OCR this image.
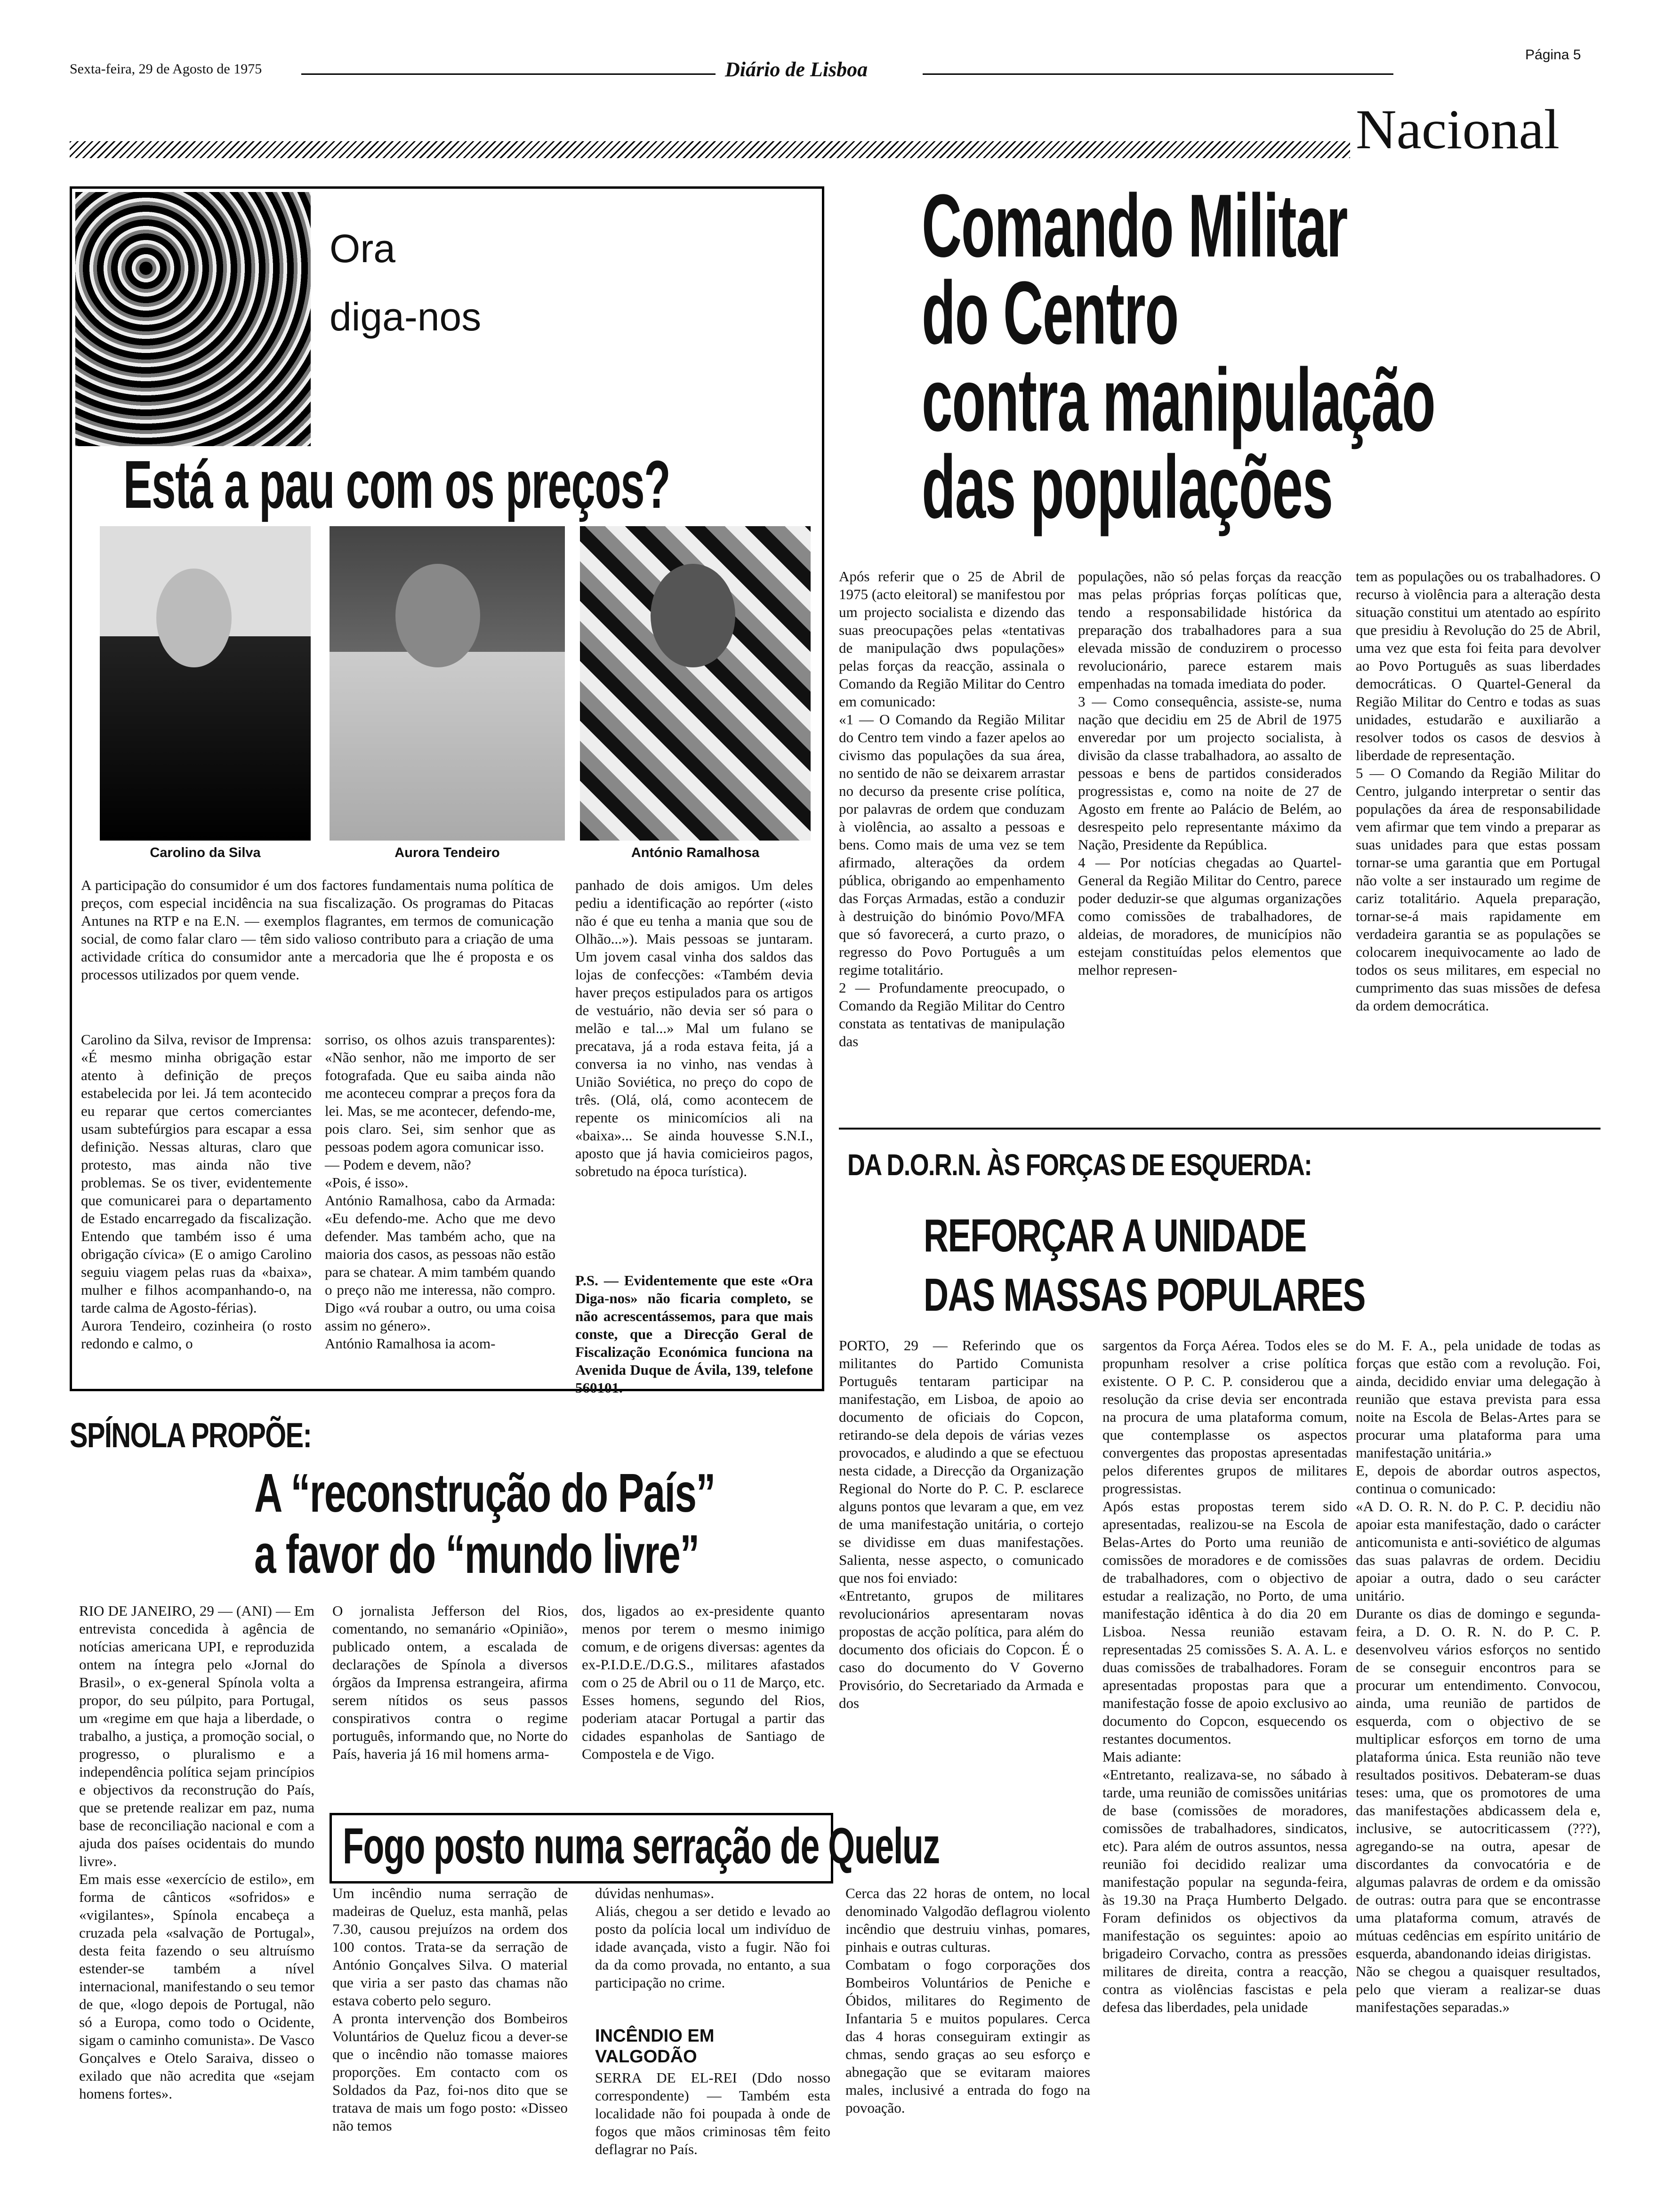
Sexta-feira, 29 de Agosto de 1975	Diário de Lisboa
Página 5
Nacional
Ora
diga-nos
Está a pau com os preços?
Carolino da Silva	Aurora Tendeiro	António Ramalhosa
A participação do consumidor é um dos factores fundamentais numa política de preços, com especial incidência na sua fiscalização. Os programas do Pitacas Antunes na RTP e na E.N. — exemplos flagrantes, em termos de comunicação social, de como falar claro — têm sido valioso contributo para a criação de uma actividade crítica do consumidor ante a mercadoria que lhe é proposta e os processos utilizados por quem vende.
Carolino da Silva, revisor de Imprensa: «É mesmo minha obrigação estar atento à definição de preços estabelecida por lei. Já tem acontecido eu reparar que certos comerciantes usam subtefúrgios para escapar a essa definição. Nessas alturas, claro que protesto, mas ainda não tive problemas. Se os tiver, evidentemente que comunicarei para o departamento de Estado encarregado da fiscalização. Entendo que também isso é uma obrigação cívica» (E o amigo Carolino seguiu viagem pelas ruas da «baixa», mulher e filhos acompanhando-o, na tarde calma de Agosto-férias).
Aurora Tendeiro, cozinheira (o rosto redondo e calmo, o
sorriso, os olhos azuis transparentes): «Não senhor, não me importo de ser fotografada. Que eu saiba ainda não me aconteceu comprar a preços fora da lei. Mas, se me acontecer, defendo-me, pois claro. Sei, sim senhor que as pessoas podem agora comunicar isso.
— Podem e devem, não?
«Pois, é isso».
António Ramalhosa, cabo da Armada: «Eu defendo-me. Acho que me devo defender. Mas também acho, que na maioria dos casos, as pessoas não estão para se chatear. A mim também quando o preço não me interessa, não compro. Digo «vá roubar a outro, ou uma coisa assim no género».
António Ramalhosa ia acom-
panhado de dois amigos. Um deles pediu a identificação ao repórter («isto não é que eu tenha a mania que sou de Olhão...»). Mais pessoas se juntaram. Um jovem casal vinha dos saldos das lojas de confecções: «Também devia haver preços estipulados para os artigos de vestuário, não devia ser só para o melão e tal...» Mal um fulano se precatava, já a roda estava feita, já a conversa ia no vinho, nas vendas à União Soviética, no preço do copo de três. (Olá, olá, como acontecem de repente os minicomícios ali na «baixa»... Se ainda houvesse S.N.I., aposto que já havia comicieiros pagos, sobretudo na época turística).
P.S. — Evidentemente que este «Ora Diga-nos» não ficaria completo, se não acrescentássemos, para que mais conste, que a Direcção Geral de Fiscalização Económica funciona na Avenida Duque de Ávila, 139, telefone 560101.
Comando Militar
do Centro
contra manipulação
das populações
Após referir que o 25 de Abril de 1975 (acto eleitoral) se manifestou por um projecto socialista e dizendo das suas preocupações pelas «tentativas de manipulação dws populações» pelas forças da reacção, assinala o Comando da Região Militar do Centro em comunicado:
«1 — O Comando da Região Militar do Centro tem vindo a fazer apelos ao civismo das populações da sua área, no sentido de não se deixarem arrastar no decurso da presente crise política, por palavras de ordem que conduzam à violência, ao assalto a pessoas e bens. Como mais de uma vez se tem afirmado, alterações da ordem pública, obrigando ao empenhamento das Forças Armadas, estão a conduzir à destruição do binómio Povo/MFA que só favorecerá, a curto prazo, o regresso do Povo Português a um regime totalitário.
2 — Profundamente preocupado, o Comando da Região Militar do Centro constata as tentativas de manipulação das
populações, não só pelas forças da reacção mas pelas próprias forças políticas que, tendo a responsabilidade histórica da preparação dos trabalhadores para a sua elevada missão de conduzirem o processo revolucionário, parece estarem mais empenhadas na tomada imediata do poder.
3 — Como consequência, assiste-se, numa nação que decidiu em 25 de Abril de 1975 enveredar por um projecto socialista, à divisão da classe trabalhadora, ao assalto de pessoas e bens de partidos considerados progressistas e, como na noite de 27 de Agosto em frente ao Palácio de Belém, ao desrespeito pelo representante máximo da Nação, Presidente da República.
4 — Por notícias chegadas ao Quartel-General da Região Militar do Centro, parece poder deduzir-se que algumas organizações como comissões de trabalhadores, de aldeias, de moradores, de municípios não estejam constituídas pelos elementos que melhor represen-
tem as populações ou os trabalhadores. O recurso à violência para a alteração desta situação constitui um atentado ao espírito que presidiu à Revolução do 25 de Abril, uma vez que esta foi feita para devolver ao Povo Português as suas liberdades democráticas. O Quartel-General da Região Militar do Centro e todas as suas unidades, estudarão e auxiliarão a resolver todos os casos de desvios à liberdade de representação.
5 — O Comando da Região Militar do Centro, julgando interpretar o sentir das populações da área de responsabilidade vem afirmar que tem vindo a preparar as suas unidades para que estas possam tornar-se uma garantia que em Portugal não volte a ser instaurado um regime de cariz totalitário. Aquela preparação, tornar-se-á mais rapidamente em verdadeira garantia se as populações se colocarem inequivocamente ao lado de todos os seus militares, em especial no cumprimento das suas missões de defesa da ordem democrática.
DA D.O.R.N. ÀS FORÇAS DE ESQUERDA:
REFORÇAR A UNIDADE
DAS MASSAS POPULARES
PORTO, 29 — Referindo que os militantes do Partido Comunista Português tentaram participar na manifestação, em Lisboa, de apoio ao documento de oficiais do Copcon, retirando-se dela depois de várias vezes provocados, e aludindo a que se efectuou nesta cidade, a Direcção da Organização Regional do Norte do P. C. P. esclarece alguns pontos que levaram a que, em vez de uma manifestação unitária, o cortejo se dividisse em duas manifestações. Salienta, nesse aspecto, o comunicado que nos foi enviado:
«Entretanto, grupos de militares revolucionários apresentaram novas propostas de acção política, para além do documento dos oficiais do Copcon. É o caso do documento do V Governo Provisório, do Secretariado da Armada e dos
sargentos da Força Aérea. Todos eles se propunham resolver a crise política existente. O P. C. P. considerou que a resolução da crise devia ser encontrada na procura de uma plataforma comum, que contemplasse os aspectos convergentes das propostas apresentadas pelos diferentes grupos de militares progressistas.
Após estas propostas terem sido apresentadas, realizou-se na Escola de Belas-Artes do Porto uma reunião de comissões de moradores e de comissões de trabalhadores, com o objectivo de estudar a realização, no Porto, de uma manifestação idêntica à do dia 20 em Lisboa. Nessa reunião estavam representadas 25 comissões S. A. A. L. e duas comissões de trabalhadores. Foram apresentadas propostas para que a manifestação fosse de apoio exclusivo ao documento do Copcon, esquecendo os restantes documentos.
Mais adiante:
«Entretanto, realizava-se, no sábado à tarde, uma reunião de comissões unitárias de base (comissões de moradores, comissões de trabalhadores, sindicatos, etc). Para além de outros assuntos, nessa reunião foi decidido realizar uma manifestação popular na segunda-feira, às 19.30 na Praça Humberto Delgado. Foram definidos os objectivos da manifestação os seguintes: apoio ao brigadeiro Corvacho, contra as pressões militares de direita, contra a reacção, contra as violências fascistas e pela defesa das liberdades, pela unidade
do M. F. A., pela unidade de todas as forças que estão com a revolução. Foi, ainda, decidido enviar uma delegação à reunião que estava prevista para essa noite na Escola de Belas-Artes para se procurar uma plataforma para uma manifestação unitária.»
E, depois de abordar outros aspectos, continua o comunicado:
«A D. O. R. N. do P. C. P. decidiu não apoiar esta manifestação, dado o carácter anticomunista e anti-soviético de algumas das suas palavras de ordem. Decidiu apoiar a outra, dado o seu carácter unitário.
Durante os dias de domingo e segunda-feira, a D. O. R. N. do P. C. P. desenvolveu vários esforços no sentido de se conseguir encontros para se procurar um entendimento. Convocou, ainda, uma reunião de partidos de esquerda, com o objectivo de se multiplicar esforços em torno de uma plataforma única. Esta reunião não teve resultados positivos. Debateram-se duas teses: uma, que os promotores de uma das manifestações abdicassem dela e, inclusive, se autocriticassem (???), agregando-se na outra, apesar de discordantes da convocatória e de algumas palavras de ordem e da omissão de outras: outra para que se encontrasse uma plataforma comum, através de mútuas cedências em espírito unitário de esquerda, abandonando ideias dirigistas.
Não se chegou a quaisquer resultados, pelo que vieram a realizar-se duas manifestações separadas.»
SPÍNOLA PROPÕE:
A “reconstrução do País”
a favor do “mundo livre”
RIO DE JANEIRO, 29 — (ANI) — Em entrevista concedida à agência de notícias americana UPI, e reproduzida ontem na íntegra pelo «Jornal do Brasil», o ex-general Spínola volta a propor, do seu púlpito, para Portugal, um «regime em que haja a liberdade, o trabalho, a justiça, a promoção social, o progresso, o pluralismo e a independência política sejam princípios e objectivos da reconstrução do País, que se pretende realizar em paz, numa base de reconciliação nacional e com a ajuda dos países ocidentais do mundo livre».
Em mais esse «exercício de estilo», em forma de cânticos «sofridos» e «vigilantes», Spínola encabeça a cruzada pela «salvação de Portugal», desta feita fazendo o seu altruísmo estender-se também a nível internacional, manifestando o seu temor de que, «logo depois de Portugal, não só a Europa, como todo o Ocidente, sigam o caminho comunista». De Vasco Gonçalves e Otelo Saraiva, disseo o exilado que não acredita que «sejam homens fortes».
O jornalista Jefferson del Rios, comentando, no semanário «Opinião», publicado ontem, a escalada de declarações de Spínola a diversos órgãos da Imprensa estrangeira, afirma serem nítidos os seus passos conspirativos contra o regime português, informando que, no Norte do País, haveria já 16 mil homens arma-
dos, ligados ao ex-presidente quanto menos por terem o mesmo inimigo comum, e de origens diversas: agentes da ex-P.I.D.E./D.G.S., militares afastados com o 25 de Abril ou o 11 de Março, etc. Esses homens, segundo del Rios, poderiam atacar Portugal a partir das cidades espanholas de Santiago de Compostela e de Vigo.
Fogo posto numa serração de Queluz
Um incêndio numa serração de madeiras de Queluz, esta manhã, pelas 7.30, causou prejuízos na ordem dos 100 contos. Trata-se da serração de António Gonçalves Silva. O material que viria a ser pasto das chamas não estava coberto pelo seguro.
A pronta intervenção dos Bombeiros Voluntários de Queluz ficou a dever-se que o incêndio não tomasse maiores proporções. Em contacto com os Soldados da Paz, foi-nos dito que se tratava de mais um fogo posto: «Disseo não temos
dúvidas nenhumas».
Aliás, chegou a ser detido e levado ao posto da polícia local um indivíduo de idade avançada, visto a fugir. Não foi da da como provada, no entanto, a sua participação no crime.
INCÊNDIO EM VALGODÃO
SERRA DE EL-REI (Ddo nosso correspondente) — Também esta localidade não foi poupada à onde de fogos que mãos criminosas têm feito deflagrar no País.
Cerca das 22 horas de ontem, no local denominado Valgodão deflagrou violento incêndio que destruiu vinhas, pomares, pinhais e outras culturas.
Combatam o fogo corporações dos Bombeiros Voluntários de Peniche e Óbidos, militares do Regimento de Infantaria 5 e muitos populares. Cerca das 4 horas conseguiram extingir as chmas, sendo graças ao seu esforço e abnegação que se evitaram maiores males, inclusivé a entrada do fogo na povoação.
